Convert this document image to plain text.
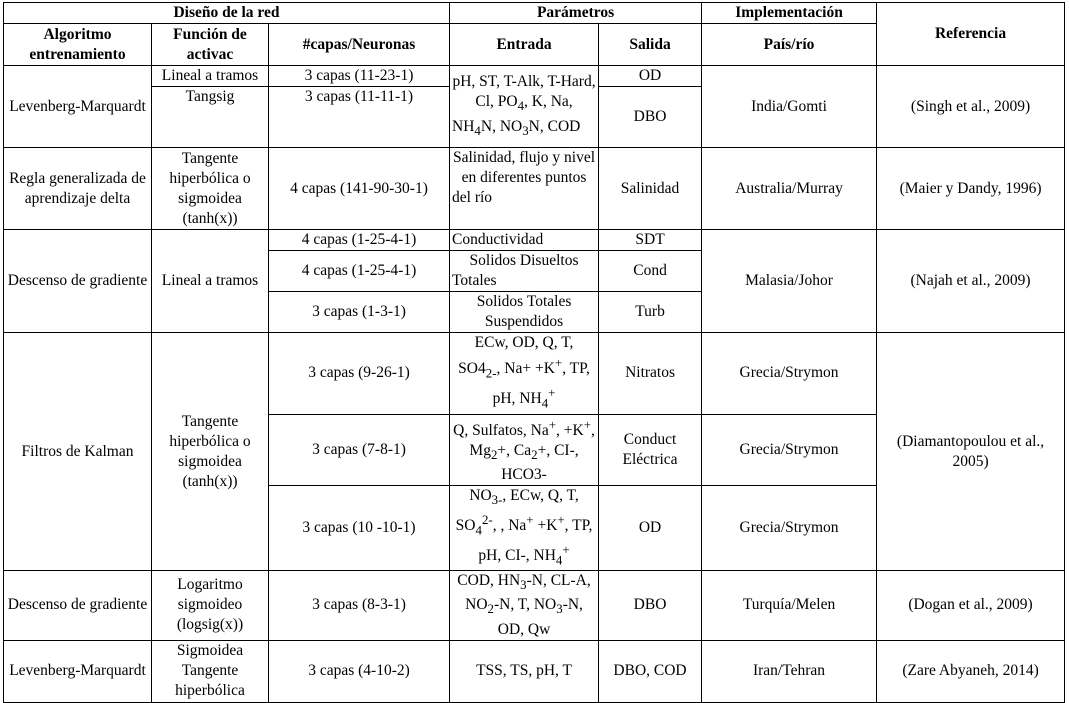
Diseño de la red			Parámetros		Implementación	Referencia
Algoritmo entrenamiento	Función de activac	#capas/Neuronas	Entrada	Salida	País/río	
Levenberg-Marquardt	Lineal a tramos	3 capas (11-23-1)	pH, ST, T-Alk, T-Hard, Cl, $PO_4$, K, Na, $NH_4N$, $NO_3N$, COD	OD	India/Gomti	(Singh et al., 2009)
	Tangsig	3 capas (11-11-1)		DBO		
Regla generalizada de aprendizaje delta	Tangente hiperbólica o sigmoidea (tanh(x))	4 capas (141-90-30-1)	Salinidad, flujo y nivel en diferentes puntos del río	Salinidad	Australia/Murray	(Maier y Dandy, 1996)
Descenso de gradiente	Lineal a tramos	4 capas (1-25-4-1)	Conductividad	SDT	Malasia/Johor	(Najah et al., 2009)
		4 capas (1-25-4-1)	Solidos Disueltos Totales	Cond		
		3 capas (1-3-1)	Solidos Totales Suspendidos	Turb		
Filtros de Kalman	Tangente hiperbólica o sigmoidea (tanh(x))	3 capas (9-26-1)	ECw, OD, Q, T, $SO4_{2-}$, Na+ +K+, TP, pH, $NH_4^+$	Nitratos	Grecia/Strymon	(Diamantopoulou et al., 2005)
		3 capas (7-8-1)	Q, Sulfatos, Na+, +K+, $Mg_2+$, $Ca_2+$, CI-, HCO3-	Conduct Eléctrica	Grecia/Strymon	
		3 capas (10 -10-1)	$NO_{3-}$, ECw, Q, T, $SO_4^{2-}$, , Na+ +K+, TP, pH, CI-, $NH_4^+$	OD	Grecia/Strymon	
Descenso de gradiente	Logaritmo sigmoideo (logsig(x))	3 capas (8-3-1)	COD, $HN_3-N$, CL-A, $NO_2-N$, T, $NO_3-N$, OD, Qw	DBO	Turquía/Melen	(Dogan et al., 2009)
Levenberg-Marquardt	Sigmoidea Tangente hiperbólica	3 capas (4-10-2)	TSS, TS, pH, T	DBO, COD	Iran/Tehran	(Zare Abyaneh, 2014)
